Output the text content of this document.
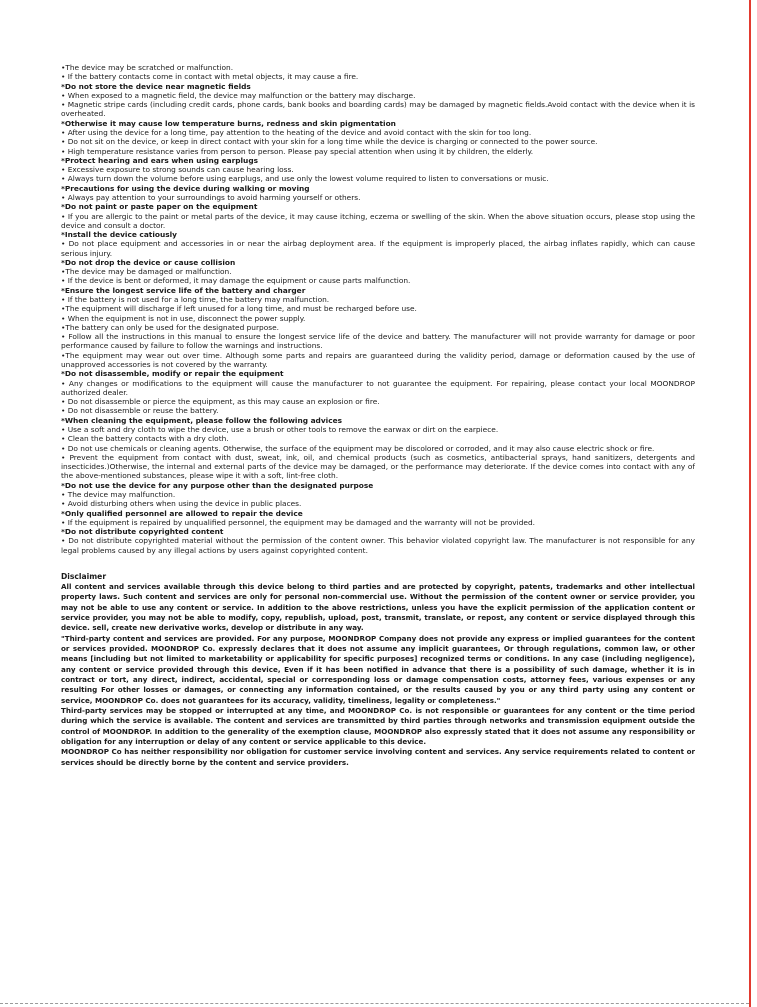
•The device may be scratched or malfunction.

• If the battery contacts come in contact with metal objects, it may cause a fire.

*Do not store the device near magnetic fields

• When exposed to a magnetic field, the device may malfunction or the battery may discharge.

• Magnetic stripe cards (including credit cards, phone cards, bank books and boarding cards) may be damaged by magnetic fields.Avoid contact with the device when it is overheated.

*Otherwise it may cause low temperature burns, redness and skin pigmentation

• After using the device for a long time, pay attention to the heating of the device and avoid contact with the skin for too long.

• Do not sit on the device, or keep in direct contact with your skin for a long time while the device is charging or connected to the power source.

• High temperature resistance varies from person to person. Please pay special attention when using it by children, the elderly.

*Protect hearing and ears when using earplugs

• Excessive exposure to strong sounds can cause hearing loss.

• Always turn down the volume before using earplugs, and use only the lowest volume required to listen to conversations or music.

*Precautions for using the device during walking or moving

• Always pay attention to your surroundings to avoid harming yourself or others.

*Do not paint or paste paper on the equipment

• If you are allergic to the paint or metal parts of the device, it may cause itching, eczema or swelling of the skin. When the above situation occurs, please stop using the device and consult a doctor.

*Install the device catiously

• Do not place equipment and accessories in or near the airbag deployment area. If the equipment is improperly placed, the airbag inflates rapidly, which can cause serious injury.

*Do not drop the device or cause collision

•The device may be damaged or malfunction.

• If the device is bent or deformed, it may damage the equipment or cause parts malfunction.

*Ensure the longest service life of the battery and charger

• If the battery is not used for a long time, the battery may malfunction.

•The equipment will discharge if left unused for a long time, and must be recharged before use.

• When the equipment is not in use, disconnect the power supply.

•The battery can only be used for the designated purpose.

• Follow all the instructions in this manual to ensure the longest service life of the device and battery. The manufacturer will not provide warranty for damage or poor performance caused by failure to follow the warnings and instructions.

•The equipment may wear out over time. Although some parts and repairs are guaranteed during the validity period, damage or deformation caused by the use of unapproved accessories is not covered by the warranty.

*Do not disassemble, modify or repair the equipment

• Any changes or modifications to the equipment will cause the manufacturer to not guarantee the equipment. For repairing, please contact your local MOONDROP authorized dealer.

• Do not disassemble or pierce the equipment, as this may cause an explosion or fire.

• Do not disassemble or reuse the battery.

*When cleaning the equipment, please follow the following advices

• Use a soft and dry cloth to wipe the device, use a brush or other tools to remove the earwax or dirt on the earpiece.

• Clean the battery contacts with a dry cloth.

• Do not use chemicals or cleaning agents. Otherwise, the surface of the equipment may be discolored or corroded, and it may also cause electric shock or fire.

• Prevent the equipment from contact with dust, sweat, ink, oil, and chemical products (such as cosmetics, antibacterial sprays, hand sanitizers, detergents and insecticides.)Otherwise, the internal and external parts of the device may be damaged, or the performance may deteriorate. If the device comes into contact with any of the above-mentioned substances, please wipe it with a soft, lint-free cloth.

*Do not use the device for any purpose other than the designated purpose

• The device may malfunction.

• Avoid disturbing others when using the device in public places.

*Only qualified personnel are allowed to repair the device

• If the equipment is repaired by unqualified personnel, the equipment may be damaged and the warranty will not be provided.

*Do not distribute copyrighted content

• Do not distribute copyrighted material without the permission of the content owner. This behavior violated copyright law. The manufacturer is not responsible for any legal problems caused by any illegal actions by users against copyrighted content.

Disclaimer

All content and services available through this device belong to third parties and are protected by copyright, patents, trademarks and other intellectual property laws. Such content and services are only for personal non-commercial use. Without the permission of the content owner or service provider, you may not be able to use any content or service. In addition to the above restrictions, unless you have the explicit permission of the application content or service provider, you may not be able to modify, copy, republish, upload, post, transmit, translate, or repost, any content or service displayed through this device. sell, create new derivative works, develop or distribute in any way.

"Third-party content and services are provided. For any purpose, MOONDROP Company does not provide any express or implied guarantees for the content or services provided. MOONDROP Co. expressly declares that it does not assume any implicit guarantees, Or through regulations, common law, or other means [including but not limited to marketability or applicability for specific purposes] recognized terms or conditions. In any case (including negligence), any content or service provided through this device, Even if it has been notified in advance that there is a possibility of such damage, whether it is in contract or tort, any direct, indirect, accidental, special or corresponding loss or damage compensation costs, attorney fees, various expenses or any resulting For other losses or damages, or connecting any information contained, or the results caused by you or any third party using any content or service, MOONDROP Co. does not guarantees for its accuracy, validity, timeliness, legality or completeness."

Third-party services may be stopped or interrupted at any time, and MOONDROP Co. is not responsible or guarantees for any content or the time period during which the service is available. The content and services are transmitted by third parties through networks and transmission equipment outside the control of MOONDROP. In addition to the generality of the exemption clause, MOONDROP also expressly stated that it does not assume any responsibility or obligation for any interruption or delay of any content or service applicable to this device.

MOONDROP Co has neither responsibility nor obligation for customer service involving content and services. Any service requirements related to content or services should be directly borne by the content and service providers.
